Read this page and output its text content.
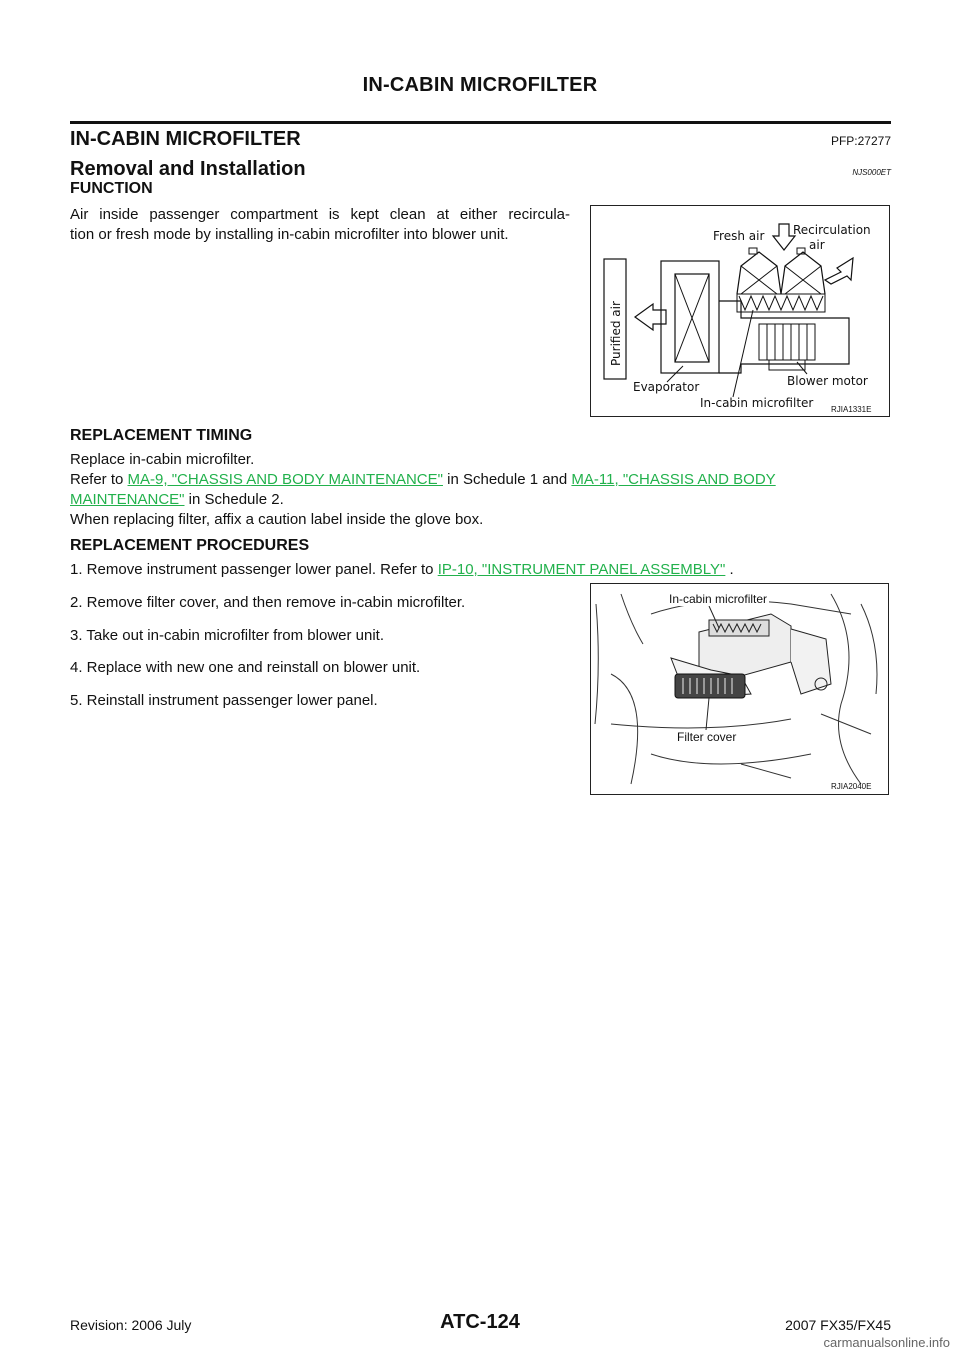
IN-CABIN MICROFILTER
IN-CABIN MICROFILTER	PFP:27277
Removal and Installation	NJS000ET
FUNCTION
Air inside passenger compartment is kept clean at either recircula-
tion or fresh mode by installing in-cabin microfilter into blower unit.
Purified air
Fresh air Recirculation
air
Evaporator	Blower motor
In-cabin microfilter RJIA1331E
REPLACEMENT TIMING
Replace in-cabin microfilter.
Refer to MA-9, "CHASSIS AND BODY MAINTENANCE" in Schedule 1 and MA-11, "CHASSIS AND BODY
MAINTENANCE" in Schedule 2.
When replacing filter, affix a caution label inside the glove box.
REPLACEMENT PROCEDURES
1. Remove instrument passenger lower panel. Refer to IP-10, "INSTRUMENT PANEL ASSEMBLY" .
2. Remove filter cover, and then remove in-cabin microfilter.
3. Take out in-cabin microfilter from blower unit.
4. Replace with new one and reinstall on blower unit.
5. Reinstall instrument passenger lower panel.
In-cabin microfilter
Filter cover
RJIA2040E
Revision: 2006 July	ATC-124	2007 FX35/FX45
carmanualsonline.info
